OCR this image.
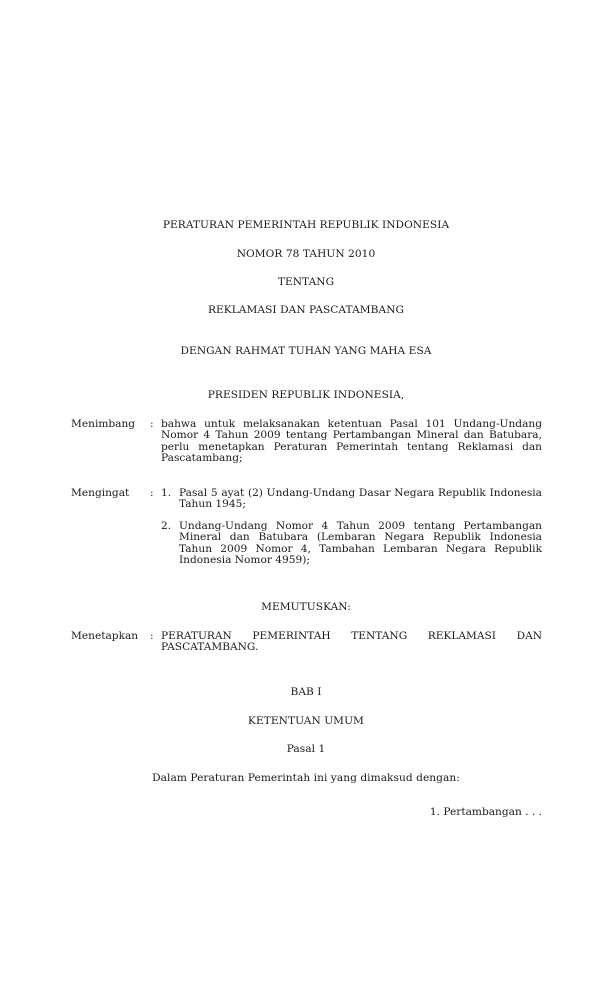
PERATURAN PEMERINTAH REPUBLIK INDONESIA
NOMOR 78 TAHUN 2010
TENTANG
REKLAMASI DAN PASCATAMBANG
DENGAN RAHMAT TUHAN YANG MAHA ESA
PRESIDEN REPUBLIK INDONESIA,
Menimbang	: bahwa untuk melaksanakan ketentuan Pasal 101 Undang-Undang Nomor 4 Tahun 2009 tentang Pertambangan Mineral dan Batubara, perlu menetapkan Peraturan Pemerintah tentang Reklamasi dan Pascatambang;
Mengingat	: 1. Pasal 5 ayat (2) Undang-Undang Dasar Negara Republik Indonesia Tahun 1945;
2. Undang-Undang Nomor 4 Tahun 2009 tentang Pertambangan Mineral dan Batubara (Lembaran Negara Republik Indonesia Tahun 2009 Nomor 4, Tambahan Lembaran Negara Republik Indonesia Nomor 4959);
MEMUTUSKAN:
Menetapkan	: PERATURAN PEMERINTAH TENTANG REKLAMASI DAN PASCATAMBANG.
BAB I
KETENTUAN UMUM
Pasal 1
Dalam Peraturan Pemerintah ini yang dimaksud dengan:
1. Pertambangan . . .
